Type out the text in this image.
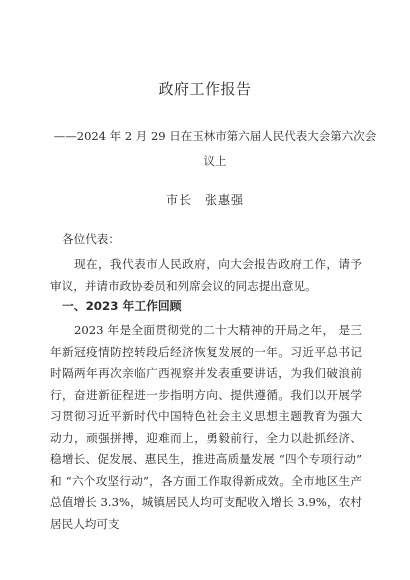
政府工作报告
——2024 年 2 月 29 日在玉林市第六届人民代表大会第六次会议上
市长　张惠强
各位代表：
现在，我代表市人民政府，向大会报告政府工作，请予审议，并请市政协委员和列席会议的同志提出意见。
一、2023 年工作回顾
2023 年是全面贯彻党的二十大精神的开局之年， 是三年新冠疫情防控转段后经济恢复发展的一年。习近平总书记时隔两年再次亲临广西视察并发表重要讲话，为我们破浪前行，奋进新征程进一步指明方向、提供遵循。我们以开展学习贯彻习近平新时代中国特色社会主义思想主题教育为强大动力，顽强拼搏，迎难而上，勇毅前行，全力以赴抓经济、稳增长、促发展、惠民生，推进高质量发展 “四个专项行动” 和 “六个攻坚行动”，各方面工作取得新成效。全市地区生产总值增长 3.3%，城镇居民人均可支配收入增长 3.9%，农村居民人均可支
